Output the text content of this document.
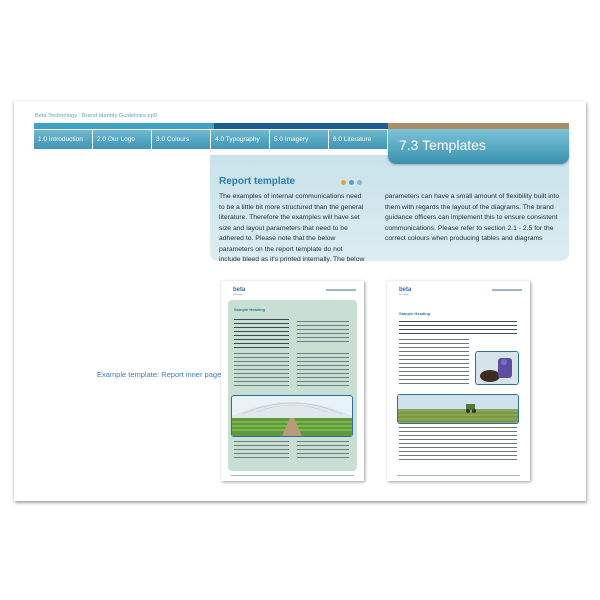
Beta Technology : Brand Identity Guidelines pp9
1.0 Introduction	2.0 Our Logo	3.0 Colours	4.0 Typography	5.0 Imagery	6.0 Literature	7.3 Templates
Report template
The examples of internal communications need to be a little bit more structured than the general literature. Therefore the examples will have set size and layout parameters that need to be adhered to. Please note that the below parameters on the report template do not include bleed as it's printed internally. The below
parameters can have a small amount of flexibility built into them with regards the layout of the diagrams. The brand guidance officers can implement this to ensure consistent communications. Please refer to section 2.1 - 2.5 for the correct colours when producing tables and diagrams
Example template: Report inner page
beta
technology
Sample Heading
beta
technology
Sample Heading
